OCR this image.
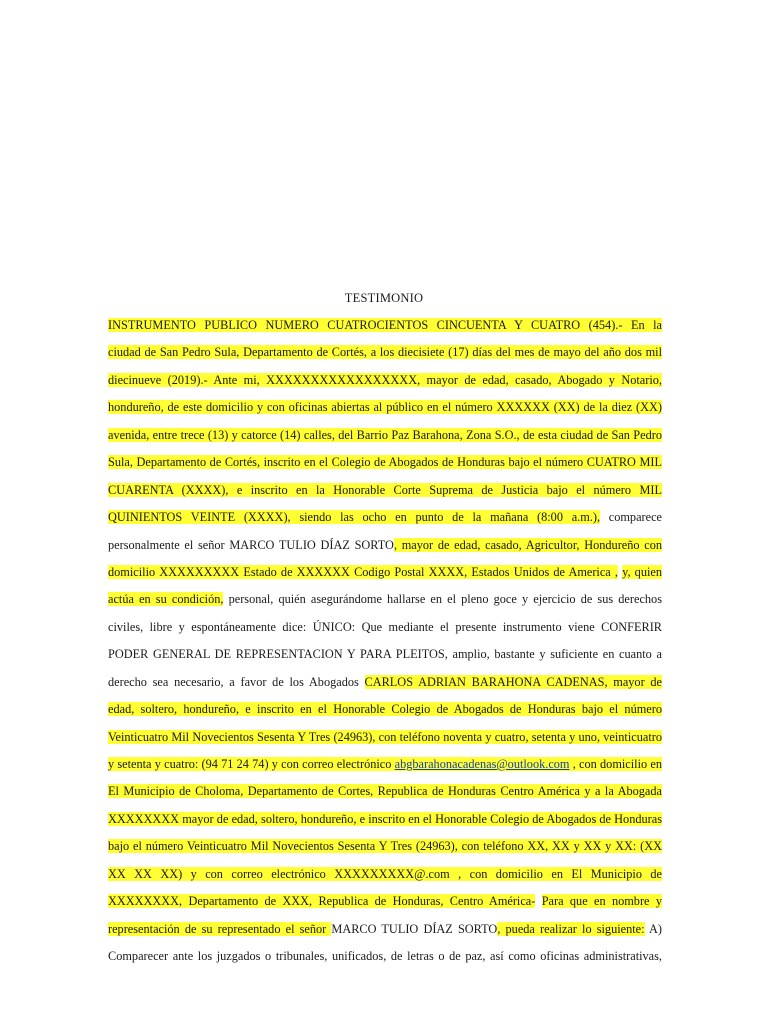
TESTIMONIO
INSTRUMENTO PUBLICO NUMERO CUATROCIENTOS CINCUENTA Y CUATRO (454).- En la
ciudad de San Pedro Sula, Departamento de Cortés, a los diecisiete (17) días del mes de mayo del año dos mil
diecinueve (2019).- Ante mi, XXXXXXXXXXXXXXXXX, mayor de edad, casado, Abogado y Notario,
hondureño, de este domicilio y con oficinas abiertas al público en el número XXXXXX (XX) de la diez (XX)
avenida, entre trece (13) y catorce (14) calles, del Barrio Paz Barahona, Zona S.O., de esta ciudad de San Pedro
Sula, Departamento de Cortés, inscrito en el Colegio de Abogados de Honduras bajo el número CUATRO MIL
CUARENTA (XXXX), e inscrito en la Honorable Corte Suprema de Justicia bajo el número MIL
QUINIENTOS VEINTE (XXXX), siendo las ocho en punto de la mañana (8:00 a.m.), comparece
personalmente el señor MARCO TULIO DÍAZ SORTO, mayor de edad, casado, Agricultor, Hondureño con
domicilio XXXXXXXXX Estado de XXXXXX Codigo Postal XXXX, Estados Unidos de America , y, quien
actúa en su condición, personal, quién asegurándome hallarse en el pleno goce y ejercicio de sus derechos
civiles, libre y espontáneamente dice: ÚNICO: Que mediante el presente instrumento viene CONFERIR
PODER GENERAL DE REPRESENTACION Y PARA PLEITOS, amplio, bastante y suficiente en cuanto a
derecho sea necesario, a favor de los Abogados CARLOS ADRIAN BARAHONA CADENAS, mayor de
edad, soltero, hondureño, e inscrito en el Honorable Colegio de Abogados de Honduras bajo el número
Veinticuatro Mil Novecientos Sesenta Y Tres (24963), con teléfono noventa y cuatro, setenta y uno, veinticuatro
y setenta y cuatro: (94 71 24 74) y con correo electrónico abgbarahonacadenas@outlook.com , con domicilio en
El Municipio de Choloma, Departamento de Cortes, Republica de Honduras Centro América y a la Abogada
XXXXXXXX mayor de edad, soltero, hondureño, e inscrito en el Honorable Colegio de Abogados de Honduras
bajo el número Veinticuatro Mil Novecientos Sesenta Y Tres (24963), con teléfono XX, XX y XX y XX: (XX
XX XX XX) y con correo electrónico XXXXXXXXX@.com , con domicilio en El Municipio de
XXXXXXXX, Departamento de XXX, Republica de Honduras, Centro América- Para que en nombre y
representación de su representado el señor MARCO TULIO DÍAZ SORTO, pueda realizar lo siguiente: A)
Comparecer ante los juzgados o tribunales, unificados, de letras o de paz, así como oficinas administrativas,
